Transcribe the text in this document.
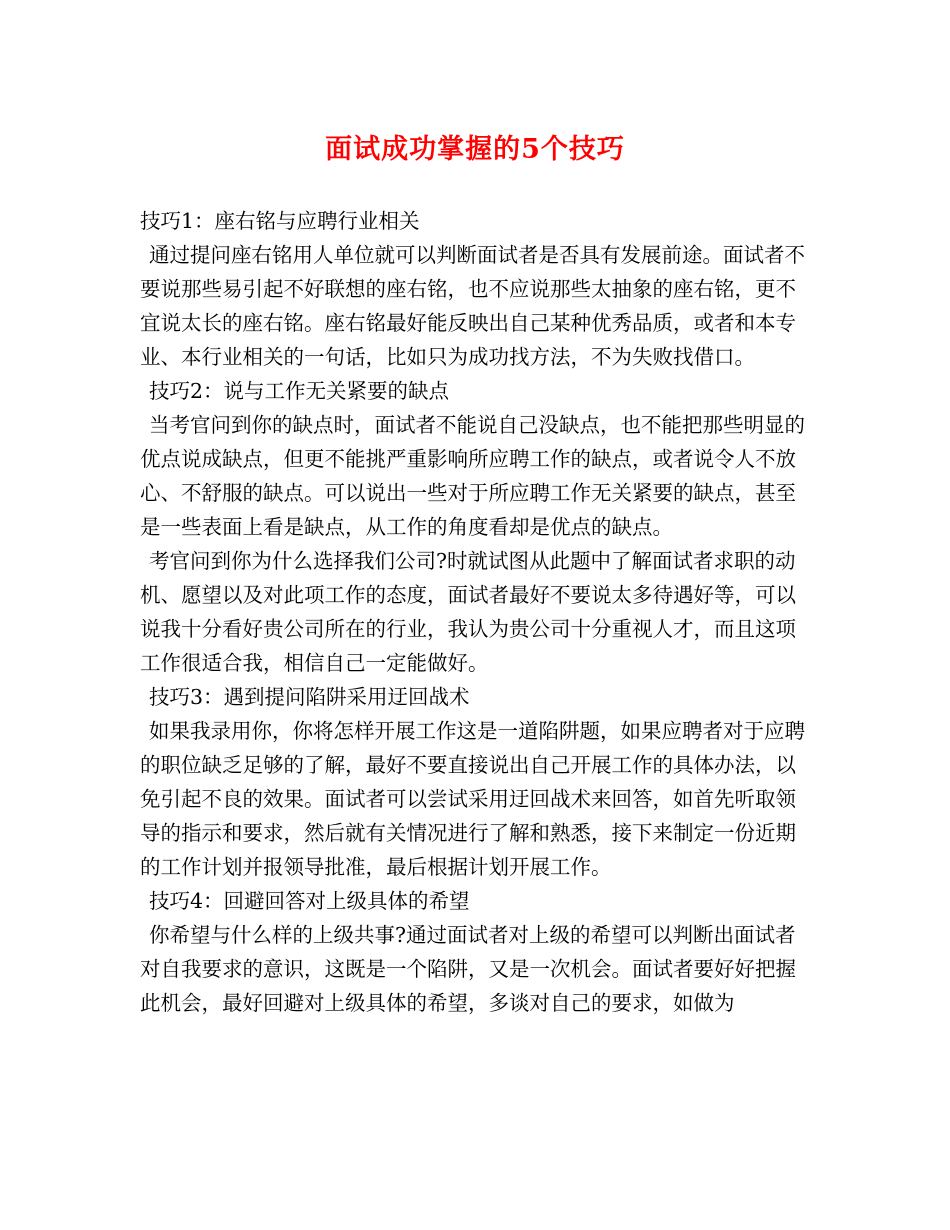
面试成功掌握的5个技巧

技巧1：座右铭与应聘行业相关

通过提问座右铭用人单位就可以判断面试者是否具有发展前途。面试者不要说那些易引起不好联想的座右铭，也不应说那些太抽象的座右铭，更不宜说太长的座右铭。座右铭最好能反映出自己某种优秀品质，或者和本专业、本行业相关的一句话，比如只为成功找方法，不为失败找借口。

技巧2：说与工作无关紧要的缺点

当考官问到你的缺点时，面试者不能说自己没缺点，也不能把那些明显的优点说成缺点，但更不能挑严重影响所应聘工作的缺点，或者说令人不放心、不舒服的缺点。可以说出一些对于所应聘工作无关紧要的缺点，甚至是一些表面上看是缺点，从工作的角度看却是优点的缺点。

考官问到你为什么选择我们公司?时就试图从此题中了解面试者求职的动机、愿望以及对此项工作的态度，面试者最好不要说太多待遇好等，可以说我十分看好贵公司所在的行业，我认为贵公司十分重视人才，而且这项工作很适合我，相信自己一定能做好。

技巧3：遇到提问陷阱采用迂回战术

如果我录用你，你将怎样开展工作这是一道陷阱题，如果应聘者对于应聘的职位缺乏足够的了解，最好不要直接说出自己开展工作的具体办法，以免引起不良的效果。面试者可以尝试采用迂回战术来回答，如首先听取领导的指示和要求，然后就有关情况进行了解和熟悉，接下来制定一份近期的工作计划并报领导批准，最后根据计划开展工作。

技巧4：回避回答对上级具体的希望

你希望与什么样的上级共事?通过面试者对上级的希望可以判断出面试者对自我要求的意识，这既是一个陷阱，又是一次机会。面试者要好好把握此机会，最好回避对上级具体的希望，多谈对自己的要求，如做为
